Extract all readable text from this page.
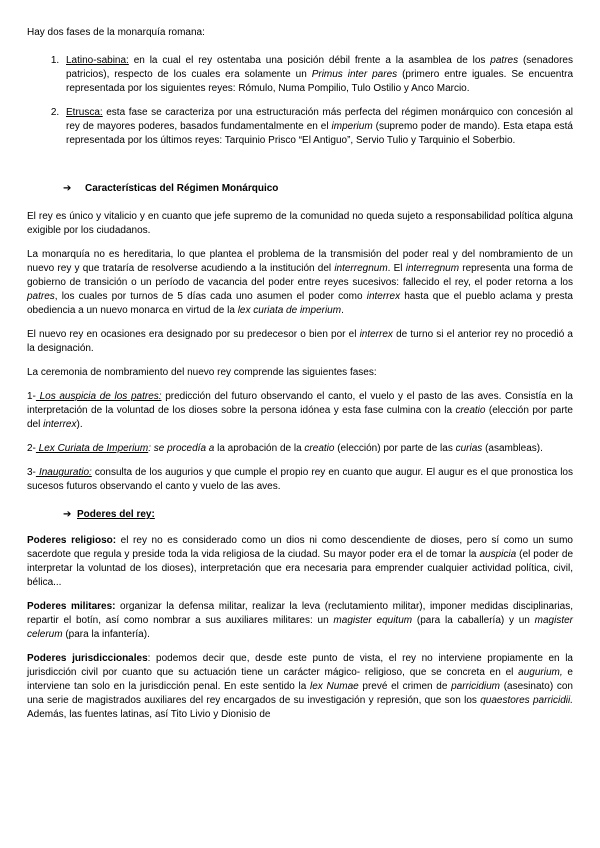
Hay dos fases de la monarquía romana:

1. Latino-sabina: en la cual el rey ostentaba una posición débil frente a la asamblea de los patres (senadores patricios), respecto de los cuales era solamente un Primus inter pares (primero entre iguales. Se encuentra representada por los siguientes reyes: Rómulo, Numa Pompilio, Tulo Ostilio y Anco Marcio.
2. Etrusca: esta fase se caracteriza por una estructuración más perfecta del régimen monárquico con concesión al rey de mayores poderes, basados fundamentalmente en el imperium (supremo poder de mando). Esta etapa está representada por los últimos reyes: Tarquinio Prisco “El Antiguo”, Servio Tulio y Tarquinio el Soberbio.
➔ Características del Régimen Monárquico

El rey es único y vitalicio y en cuanto que jefe supremo de la comunidad no queda sujeto a responsabilidad política alguna exigible por los ciudadanos.

La monarquía no es hereditaria, lo que plantea el problema de la transmisión del poder real y del nombramiento de un nuevo rey y que trataría de resolverse acudiendo a la institución del interregnum. El interregnum representa una forma de gobierno de transición o un período de vacancia del poder entre reyes sucesivos: fallecido el rey, el poder retorna a los patres, los cuales por turnos de 5 días cada uno asumen el poder como interrex hasta que el pueblo aclama y presta obediencia a un nuevo monarca en virtud de la lex curiata de imperium.

El nuevo rey en ocasiones era designado por su predecesor o bien por el interrex de turno si el anterior rey no procedió a la designación.

La ceremonia de nombramiento del nuevo rey comprende las siguientes fases:

1- Los auspicia de los patres: predicción del futuro observando el canto, el vuelo y el pasto de las aves. Consistía en la interpretación de la voluntad de los dioses sobre la persona idónea y esta fase culmina con la creatio (elección por parte del interrex).

2- Lex Curiata de Imperium: se procedía a la aprobación de la creatio (elección) por parte de las curias (asambleas).

3- Inauguratio: consulta de los augurios y que cumple el propio rey en cuanto que augur. El augur es el que pronostica los sucesos futuros observando el canto y vuelo de las aves.

➔ Poderes del rey:

Poderes religioso: el rey no es considerado como un dios ni como descendiente de dioses, pero sí como un sumo sacerdote que regula y preside toda la vida religiosa de la ciudad. Su mayor poder era el de tomar la auspicia (el poder de interpretar la voluntad de los dioses), interpretación que era necesaria para emprender cualquier actividad política, civil, bélica...

Poderes militares: organizar la defensa militar, realizar la leva (reclutamiento militar), imponer medidas disciplinarias, repartir el botín, así como nombrar a sus auxiliares militares: un magister equitum (para la caballería) y un magister celerum (para la infantería).

Poderes jurisdiccionales: podemos decir que, desde este punto de vista, el rey no interviene propiamente en la jurisdicción civil por cuanto que su actuación tiene un carácter mágico- religioso, que se concreta en el augurium, e interviene tan solo en la jurisdicción penal. En este sentido la lex Numae prevé el crimen de parricidium (asesinato) con una serie de magistrados auxiliares del rey encargados de su investigación y represión, que son los quaestores parricidii. Además, las fuentes latinas, así Tito Livio y Dionisio de
